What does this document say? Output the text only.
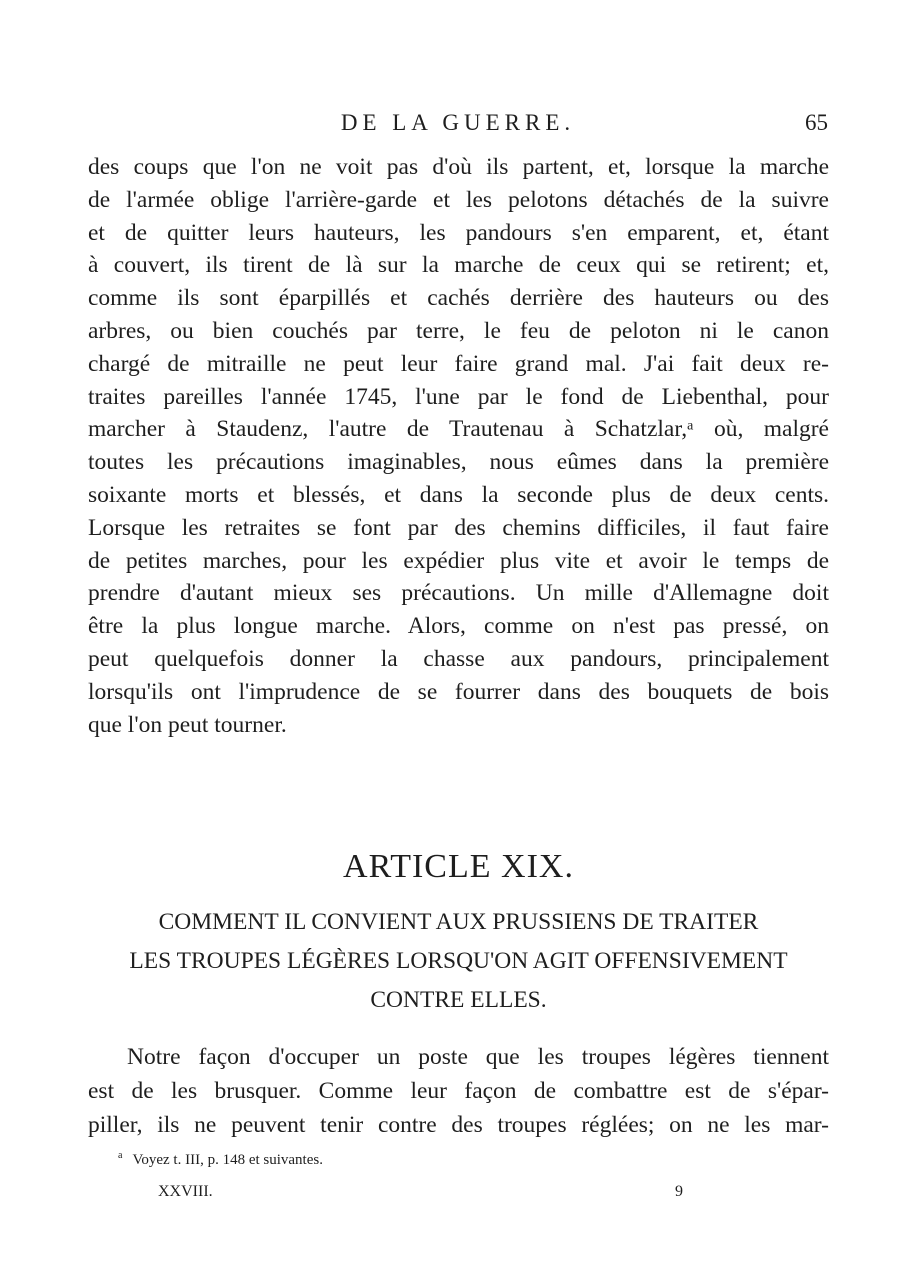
DE LA GUERRE.	65
des coups que l'on ne voit pas d'où ils partent, et, lorsque la marche
de l'armée oblige l'arrière-garde et les pelotons détachés de la suivre
et de quitter leurs hauteurs, les pandours s'en emparent, et, étant
à couvert, ils tirent de là sur la marche de ceux qui se retirent; et,
comme ils sont éparpillés et cachés derrière des hauteurs ou des
arbres, ou bien couchés par terre, le feu de peloton ni le canon
chargé de mitraille ne peut leur faire grand mal. J'ai fait deux re-
traites pareilles l'année 1745, l'une par le fond de Liebenthal, pour
marcher à Staudenz, l'autre de Trautenau à Schatzlar,ᵃ où, malgré
toutes les précautions imaginables, nous eûmes dans la première
soixante morts et blessés, et dans la seconde plus de deux cents.
Lorsque les retraites se font par des chemins difficiles, il faut faire
de petites marches, pour les expédier plus vite et avoir le temps de
prendre d'autant mieux ses précautions. Un mille d'Allemagne doit
être la plus longue marche. Alors, comme on n'est pas pressé, on
peut quelquefois donner la chasse aux pandours, principalement
lorsqu'ils ont l'imprudence de se fourrer dans des bouquets de bois
que l'on peut tourner.
ARTICLE XIX.
COMMENT IL CONVIENT AUX PRUSSIENS DE TRAITER
LES TROUPES LÉGÈRES LORSQU'ON AGIT OFFENSIVEMENT
CONTRE ELLES.
Notre façon d'occuper un poste que les troupes légères tiennent
est de les brusquer. Comme leur façon de combattre est de s'épar-
piller, ils ne peuvent tenir contre des troupes réglées; on ne les mar-
$^a$ Voyez t. III, p. 148 et suivantes.
XXVIII.	9
